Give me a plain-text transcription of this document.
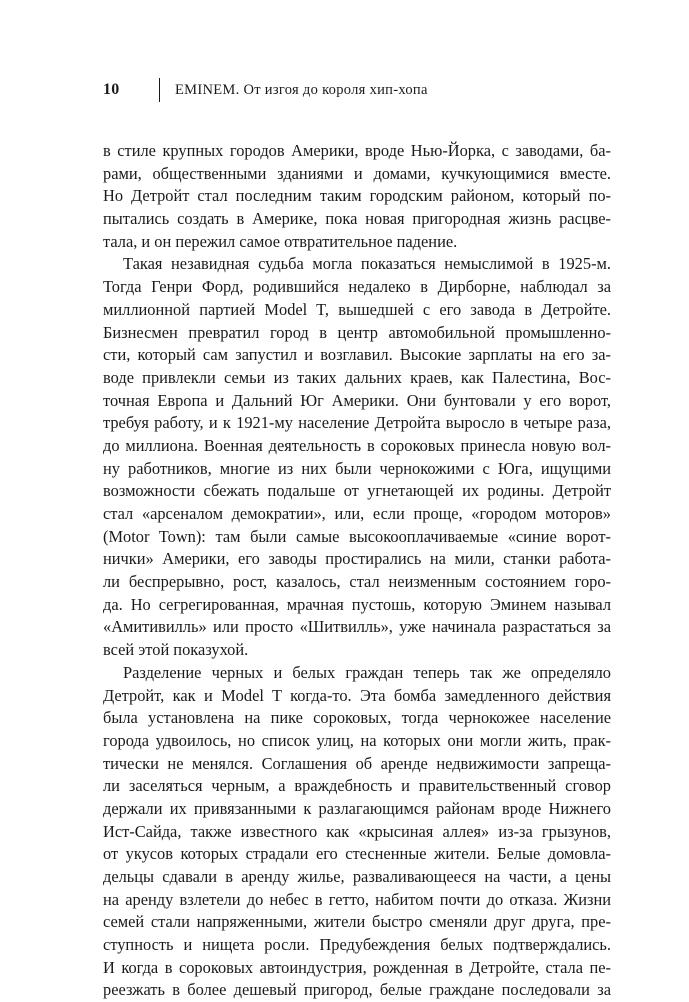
10	EMINEM. От изгоя до короля хип-хопа
в стиле крупных городов Америки, вроде Нью-Йорка, с заводами, ба-
рами, общественными зданиями и домами, кучкующимися вместе.
Но Детройт стал последним таким городским районом, который по-
пытались создать в Америке, пока новая пригородная жизнь расцве-
тала, и он пережил самое отвратительное падение.
Такая незавидная судьба могла показаться немыслимой в 1925-м.
Тогда Генри Форд, родившийся недалеко в Дирборне, наблюдал за
миллионной партией Model T, вышедшей с его завода в Детройте.
Бизнесмен превратил город в центр автомобильной промышленно-
сти, который сам запустил и возглавил. Высокие зарплаты на его за-
воде привлекли семьи из таких дальних краев, как Палестина, Вос-
точная Европа и Дальний Юг Америки. Они бунтовали у его ворот,
требуя работу, и к 1921-му население Детройта выросло в четыре раза,
до миллиона. Военная деятельность в сороковых принесла новую вол-
ну работников, многие из них были чернокожими с Юга, ищущими
возможности сбежать подальше от угнетающей их родины. Детройт
стал «арсеналом демократии», или, если проще, «городом моторов»
(Motor Town): там были самые высокооплачиваемые «синие ворот-
нички» Америки, его заводы простирались на мили, станки работа-
ли беспрерывно, рост, казалось, стал неизменным состоянием горо-
да. Но сегрегированная, мрачная пустошь, которую Эминем называл
«Амитивилль» или просто «Шитвилль», уже начинала разрастаться за
всей этой показухой.
Разделение черных и белых граждан теперь так же определяло
Детройт, как и Model T когда-то. Эта бомба замедленного действия
была установлена на пике сороковых, тогда чернокожее население
города удвоилось, но список улиц, на которых они могли жить, прак-
тически не менялся. Соглашения об аренде недвижимости запреща-
ли заселяться черным, а враждебность и правительственный сговор
держали их привязанными к разлагающимся районам вроде Нижнего
Ист-Сайда, также известного как «крысиная аллея» из-за грызунов,
от укусов которых страдали его стесненные жители. Белые домовла-
дельцы сдавали в аренду жилье, разваливающееся на части, а цены
на аренду взлетели до небес в гетто, набитом почти до отказа. Жизни
семей стали напряженными, жители быстро сменяли друг друга, пре-
ступность и нищета росли. Предубеждения белых подтверждались.
И когда в сороковых автоиндустрия, рожденная в Детройте, стала пе-
реезжать в более дешевый пригород, белые граждане последовали за
